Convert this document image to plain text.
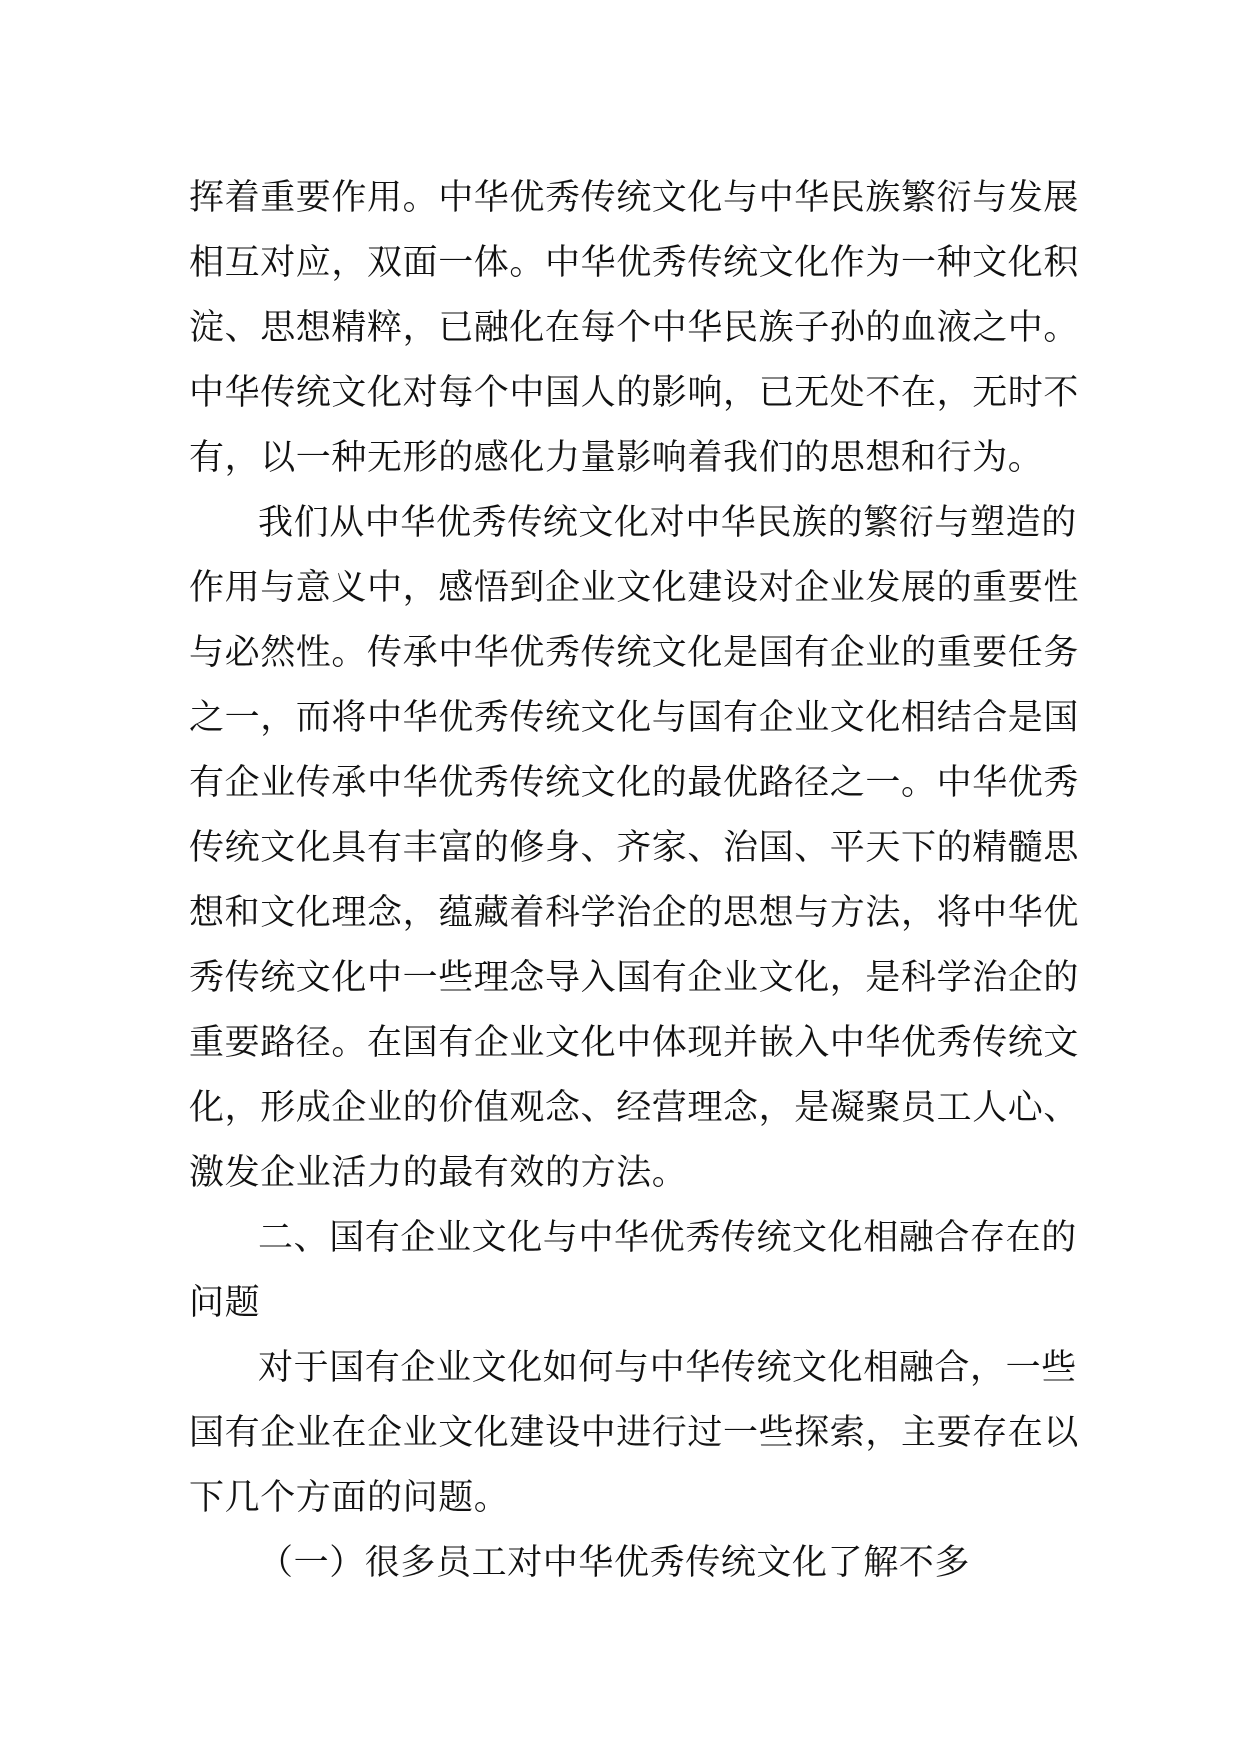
挥着重要作用。中华优秀传统文化与中华民族繁衍与发展
相互对应，双面一体。中华优秀传统文化作为一种文化积
淀、思想精粹，已融化在每个中华民族子孙的血液之中。
中华传统文化对每个中国人的影响，已无处不在，无时不
有，以一种无形的感化力量影响着我们的思想和行为。

我们从中华优秀传统文化对中华民族的繁衍与塑造的
作用与意义中，感悟到企业文化建设对企业发展的重要性
与必然性。传承中华优秀传统文化是国有企业的重要任务
之一，而将中华优秀传统文化与国有企业文化相结合是国
有企业传承中华优秀传统文化的最优路径之一。中华优秀
传统文化具有丰富的修身、齐家、治国、平天下的精髓思
想和文化理念，蕴藏着科学治企的思想与方法，将中华优
秀传统文化中一些理念导入国有企业文化，是科学治企的
重要路径。在国有企业文化中体现并嵌入中华优秀传统文
化，形成企业的价值观念、经营理念，是凝聚员工人心、
激发企业活力的最有效的方法。

二、国有企业文化与中华优秀传统文化相融合存在的
问题

对于国有企业文化如何与中华传统文化相融合，一些
国有企业在企业文化建设中进行过一些探索，主要存在以
下几个方面的问题。

（一）很多员工对中华优秀传统文化了解不多
